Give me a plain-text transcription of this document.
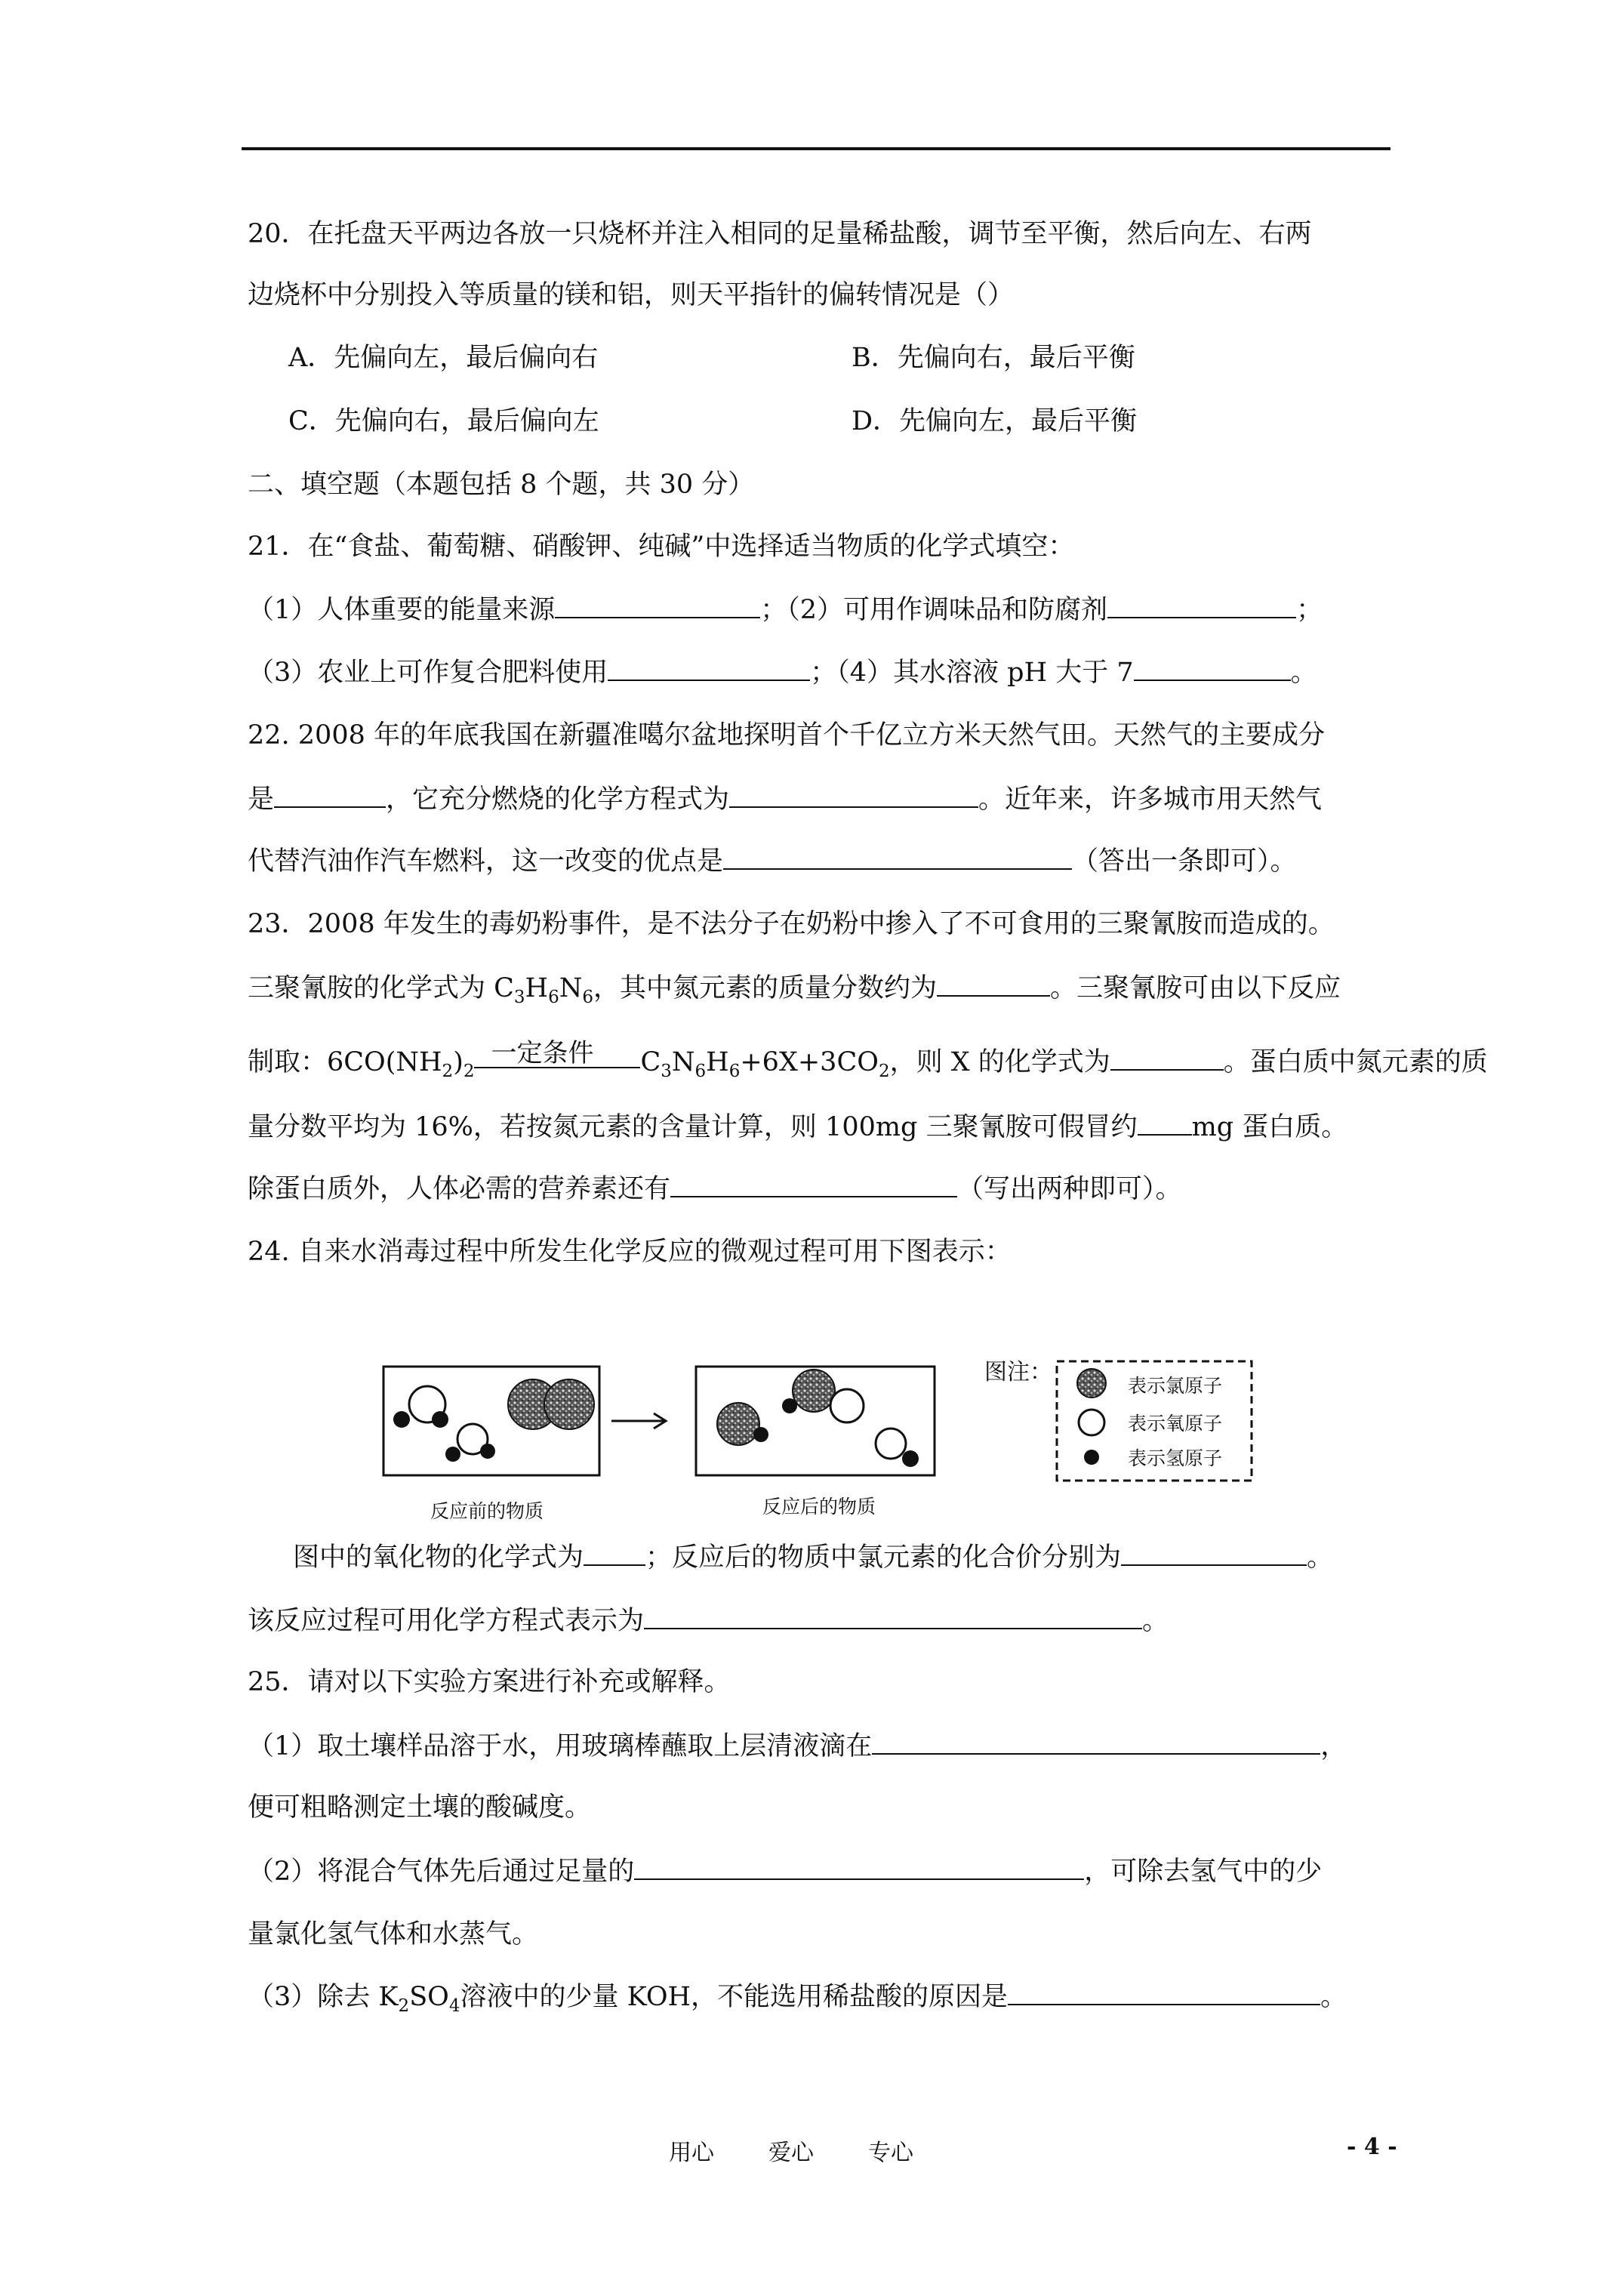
20．在托盘天平两边各放一只烧杯并注入相同的足量稀盐酸，调节至平衡，然后向左、右两
边烧杯中分别投入等质量的镁和铝，则天平指针的偏转情况是（）
A．先偏向左，最后偏向右	B．先偏向右，最后平衡
C．先偏向右，最后偏向左	D．先偏向左，最后平衡
二、填空题（本题包括 8 个题，共 30 分）
21．在“食盐、葡萄糖、硝酸钾、纯碱”中选择适当物质的化学式填空：
（1）人体重要的能量来源	；（2）可用作调味品和防腐剂	；
（3）农业上可作复合肥料使用	；（4）其水溶液 pH 大于 7	。
22. 2008 年的年底我国在新疆准噶尔盆地探明首个千亿立方米天然气田。天然气的主要成分
是	，它充分燃烧的化学方程式为	。近年来，许多城市用天然气
代替汽油作汽车燃料，这一改变的优点是	（答出一条即可）。
23．2008 年发生的毒奶粉事件，是不法分子在奶粉中掺入了不可食用的三聚氰胺而造成的。
三聚氰胺的化学式为 $C_3H_6N_6$，其中氮元素的质量分数约为	。三聚氰胺可由以下反应
制取：$6CO(NH_2)_2$
一定条件 $C_3N_6H_6+6X+3CO_2$，则 X 的化学式为	。蛋白质中氮元素的质
量分数平均为 16%，若按氮元素的含量计算，则 100mg 三聚氰胺可假冒约 mg 蛋白质。
除蛋白质外，人体必需的营养素还有	（写出两种即可）。
24. 自来水消毒过程中所发生化学反应的微观过程可用下图表示：
反应前的物质	反应后的物质
图注：
表示氯原子
表示氧原子
表示氢原子
图中的氧化物的化学式为 ；反应后的物质中氯元素的化合价分别为	。
该反应过程可用化学方程式表示为	。
25．请对以下实验方案进行补充或解释。
（1）取土壤样品溶于水，用玻璃棒蘸取上层清液滴在	，
便可粗略测定土壤的酸碱度。
（2）将混合气体先后通过足量的	，可除去氢气中的少
量氯化氢气体和水蒸气。
（3）除去 $K_2SO_4$溶液中的少量 KOH，不能选用稀盐酸的原因是	。
用心 爱心 专心	- 4 -
